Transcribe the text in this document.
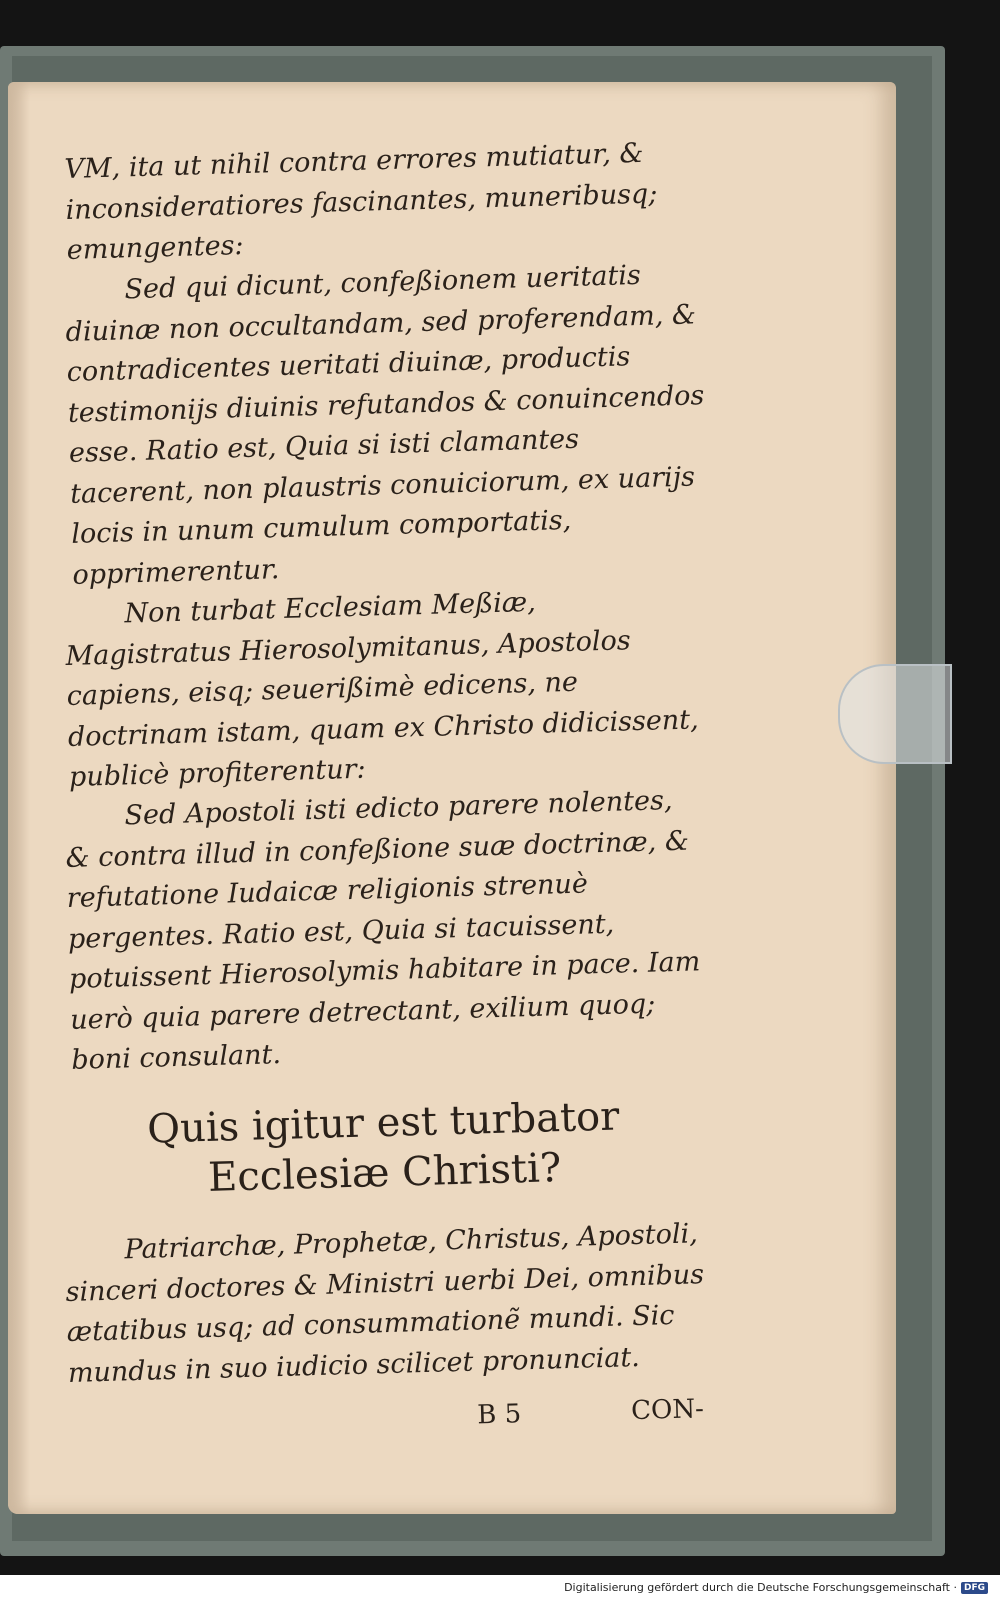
VM, ita ut nihil contra errores mutiatur, & inconsideratiores fascinantes, muneribusq; emungentes:

Sed qui dicunt, confeßionem ueritatis diuinæ non occultandam, sed proferendam, & contradicentes ueritati diuinæ, productis testimonijs diuinis refutandos & conuincendos esse. Ratio est, Quia si isti clamantes tacerent, non plaustris conuiciorum, ex uarijs locis in unum cumulum comportatis, opprimerentur.

Non turbat Ecclesiam Meßiæ, Magistratus Hierosolymitanus, Apostolos capiens, eisq; seuerißimè edicens, ne doctrinam istam, quam ex Christo didicissent, publicè profiterentur:

Sed Apostoli isti edicto parere nolentes, & contra illud in confeßione suæ doctrinæ, & refutatione Iudaicæ religionis strenuè pergentes. Ratio est, Quia si tacuissent, potuissent Hierosolymis habitare in pace. Iam uerò quia parere detrectant, exilium quoq; boni consulant.

Quis igitur est turbator Ecclesiæ Christi?

Patriarchæ, Prophetæ, Christus, Apostoli, sinceri doctores & Ministri uerbi Dei, omnibus ætatibus usq; ad consummationẽ mundi. Sic mundus in suo iudicio scilicet pronunciat.

B 5	CON-
Digitalisierung gefördert durch die Deutsche Forschungsgemeinschaft · DFG
